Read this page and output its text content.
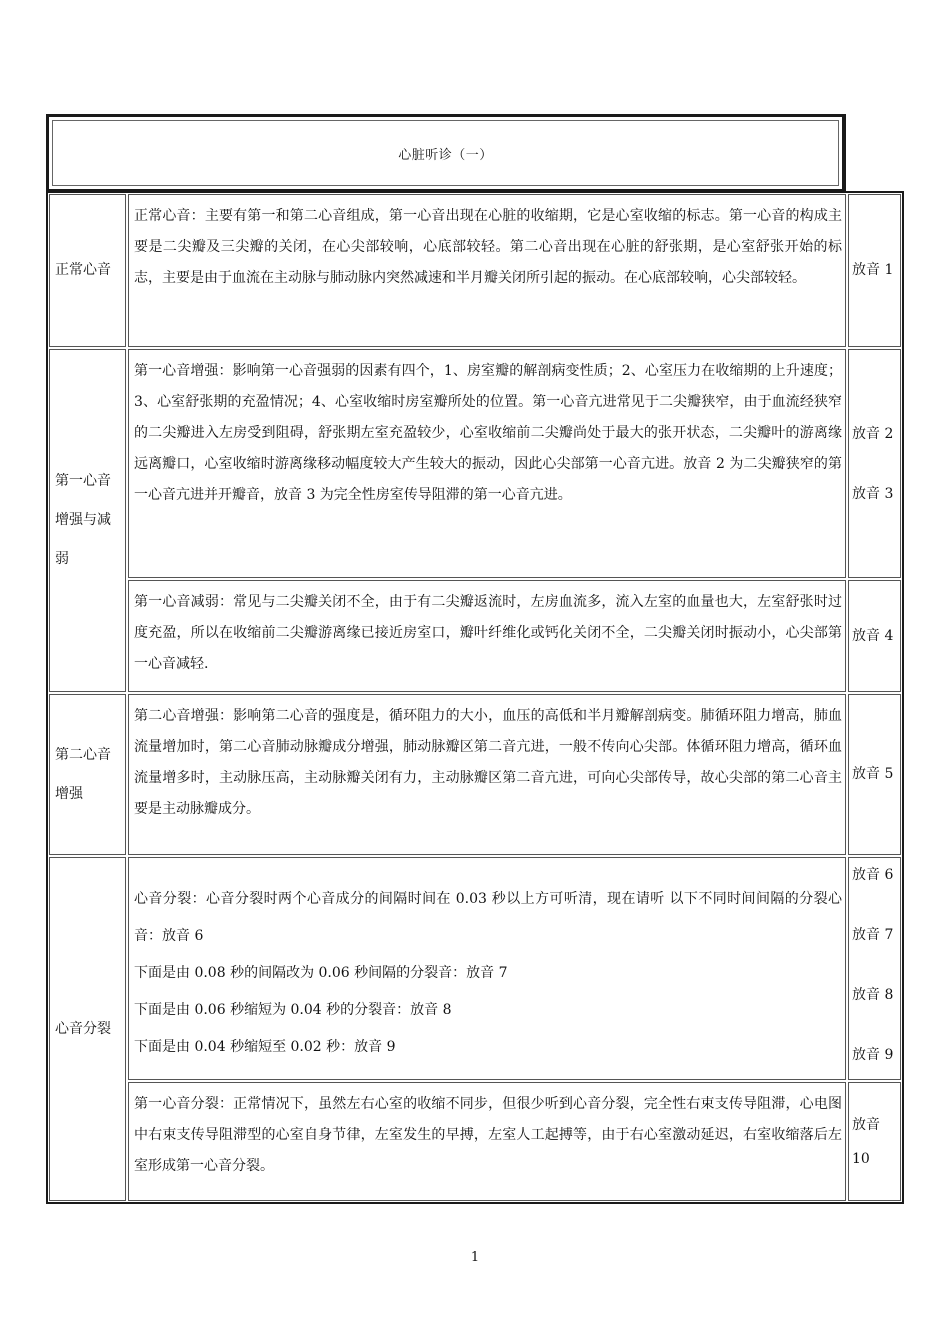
心脏听诊（一）
正常心音
正常心音：主要有第一和第二心音组成，第一心音出现在心脏的收缩期，它是心室收缩的标志。第一心音的构成主要是二尖瓣及三尖瓣的关闭，在心尖部较响，心底部较轻。第二心音出现在心脏的舒张期，是心室舒张开始的标志，主要是由于血流在主动脉与肺动脉内突然减速和半月瓣关闭所引起的振动。在心底部较响，心尖部较轻。	放音 1
第一心音增强与减弱
第一心音增强：影响第一心音强弱的因素有四个，1、房室瓣的解剖病变性质；2、心室压力在收缩期的上升速度；3、心室舒张期的充盈情况；4、心室收缩时房室瓣所处的位置。第一心音亢进常见于二尖瓣狭窄，由于血流经狭窄的二尖瓣进入左房受到阻碍，舒张期左室充盈较少，心室收缩前二尖瓣尚处于最大的张开状态，二尖瓣叶的游离缘远离瓣口，心室收缩时游离缘移动幅度较大产生较大的振动，因此心尖部第一心音亢进。放音 2 为二尖瓣狭窄的第一心音亢进并开瓣音，放音 3 为完全性房室传导阻滞的第一心音亢进。
放音 2
放音 3
第一心音减弱：常见与二尖瓣关闭不全，由于有二尖瓣返流时，左房血流多，流入左室的血量也大，左室舒张时过度充盈，所以在收缩前二尖瓣游离缘已接近房室口，瓣叶纤维化或钙化关闭不全，二尖瓣关闭时振动小，心尖部第一心音减轻.
放音 4
第二心音增强
第二心音增强：影响第二心音的强度是，循环阻力的大小，血压的高低和半月瓣解剖病变。肺循环阻力增高，肺血流量增加时，第二心音肺动脉瓣成分增强，肺动脉瓣区第二音亢进，一般不传向心尖部。体循环阻力增高，循环血流量增多时，主动脉压高，主动脉瓣关闭有力，主动脉瓣区第二音亢进，可向心尖部传导，故心尖部的第二心音主要是主动脉瓣成分。
放音 5
心音分裂
心音分裂：心音分裂时两个心音成分的间隔时间在 0.03 秒以上方可听清，现在请听 以下不同时间间隔的分裂心音：放音 6
下面是由 0.08 秒的间隔改为 0.06 秒间隔的分裂音：放音 7
下面是由 0.06 秒缩短为 0.04 秒的分裂音：放音 8
下面是由 0.04 秒缩短至 0.02 秒：放音 9
放音 6
放音 7
放音 8
放音 9
第一心音分裂：正常情况下，虽然左右心室的收缩不同步，但很少听到心音分裂，完全性右束支传导阻滞，心电图中右束支传导阻滞型的心室自身节律，左室发生的早搏，左室人工起搏等，由于右心室激动延迟，右室收缩落后左室形成第一心音分裂。
放音 10
1
